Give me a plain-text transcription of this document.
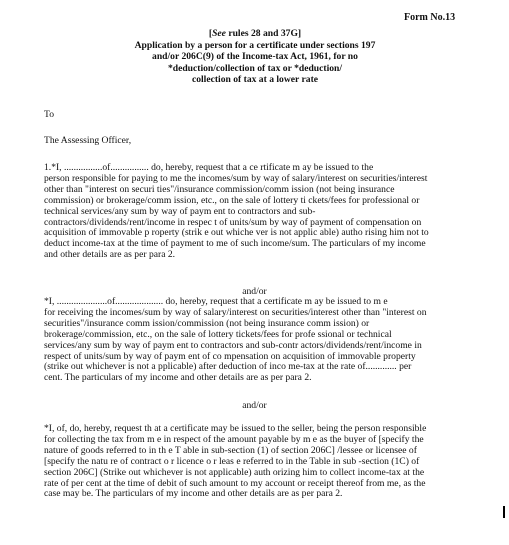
Form No.13
[See rules 28 and 37G]
Application by a person for a certificate under sections 197
and/or 206C(9) of the Income-tax Act, 1961, for no
*deduction/collection of tax or *deduction/
collection of tax at a lower rate
To
The Assessing Officer,
1.*I, ................of................ do, hereby, request that a ce rtificate m ay be issued to the
person responsible for paying to me the incomes/sum by way of salary/interest on securities/interest
other than "interest on securi ties"/insurance commission/comm ission (not being insurance
commission) or brokerage/comm ission, etc., on the sale of lottery ti ckets/fees for professional or
technical services/any sum by way of paym ent to contractors and sub-
contractors/dividends/rent/income in respec t of units/sum by way of payment of compensation on
acquisition of immovable p roperty (strik e out whiche ver is not applic able) autho rising him not to
deduct income-tax at the time of payment to me of such income/sum. The particulars of my income
and other details are as per para 2.
and/or
*I, .....................of.................... do, hereby, request that a certificate m ay be issued to m e
for receiving the incomes/sum by way of salary/interest on securities/interest other than "interest on
securities"/insurance comm ission/commission (not being insurance comm ission) or
brokerage/commission, etc., on the sale of lottery tickets/fees for profe ssional or technical
services/any sum by way of paym ent to contractors and sub-contr actors/dividends/rent/income in
respect of units/sum by way of paym ent of co mpensation on acquisition of immovable property
(strike out whichever is not a pplicable) after deduction of inco me-tax at the rate of............. per
cent. The particulars of my income and other details are as per para 2.
and/or
*I, of, do, hereby, request th at a certificate may be issued to the seller, being the person responsible
for collecting the tax from m e in respect of the amount payable by m e as the buyer of [specify the
nature of goods referred to in th e T able in sub-section (1) of section 206C] /lessee or licensee of
[specify the natu re of contract o r licence o r leas e referred to in the Table in sub -section (1C) of
section 206C] (Strike out whichever is not applicable) auth orizing him to collect income-tax at the
rate of per cent at the time of debit of such amount to my account or receipt thereof from me, as the
case may be. The particulars of my income and other details are as per para 2.
